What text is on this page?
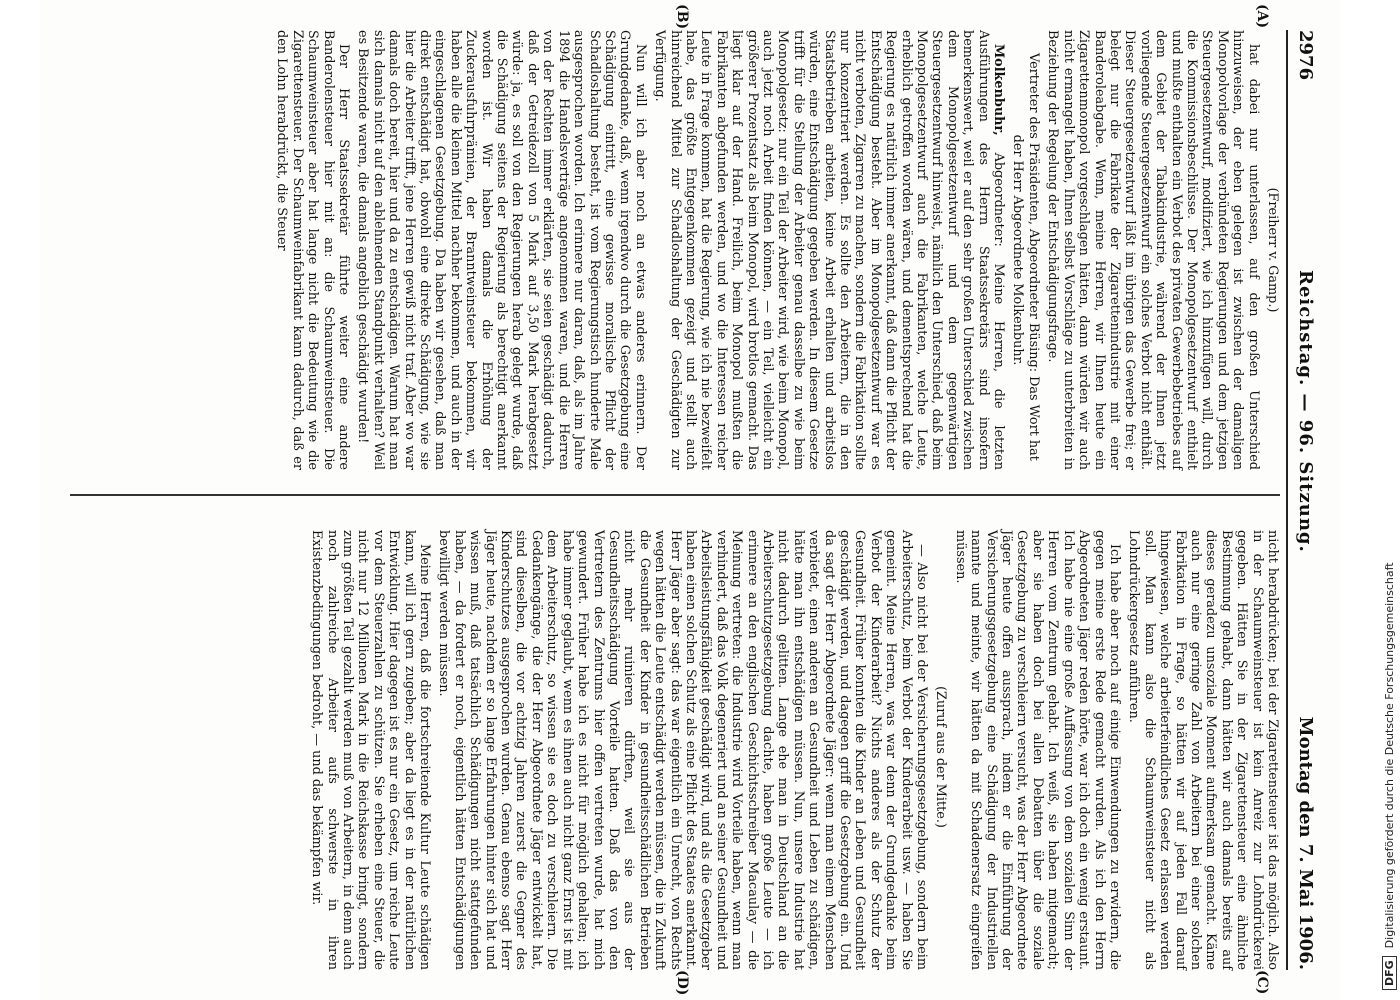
2976
Reichstag. — 96. Sitzung.
Montag den 7. Mai 1906.
(A)
(B)
(C)
(D)

(Freiherr v. Gamp.)

hat dabei nur unterlassen, auf den großen Unterschied hinzuweisen, der eben gelegen ist zwischen der damaligen Monopolvorlage der verbündeten Regierungen und dem jetzigen Steuergesetzentwurf, modifiziert, wie ich hinzufügen will, durch die Kommissionsbeschlüsse. Der Monopolgesetzentwurf enthielt und mußte enthalten ein Verbot des privaten Gewerbebetriebes auf dem Gebiet der Tabakindustrie, während der Ihnen jetzt vorliegende Steuergesetzentwurf ein solches Verbot nicht enthält. Dieser Steuergesetzentwurf läßt im übrigen das Gewerbe frei; er belegt nur die Fabrikate der Zigarettenindustrie mit einer Banderoleabgabe. Wenn, meine Herren, wir Ihnen heute ein Zigarettenmonopol vorgeschlagen hätten, dann würden wir auch nicht ermangelt haben, Ihnen selbst Vorschläge zu unterbreiten in Beziehung der Regelung der Entschädigungsfrage.

Vertreter des Präsidenten, Abgeordneter Büsing: Das Wort hat der Herr Abgeordnete Molkenbuhr.

Molkenbuhr, Abgeordneter: Meine Herren, die letzten Ausführungen des Herrn Staatssekretärs sind insofern bemerkenswert, weil er auf den sehr großen Unterschied zwischen dem Monopolgesetzentwurf und dem gegenwärtigen Steuergesetzentwurf hinweist, nämlich den Unterschied, daß beim Monopolgesetzentwurf auch die Fabrikanten, welche Leute, erheblich getroffen worden wären, und dementsprechend hat die Regierung es natürlich immer anerkannt, daß dann die Pflicht der Entschädigung besteht. Aber im Monopolgesetzentwurf war es nicht verboten, Zigarren zu machen, sondern die Fabrikation sollte nur konzentriert werden. Es sollte den Arbeitern, die in den Staatsbetrieben arbeiten, keine Arbeit erhalten und arbeitslos würden, eine Entschädigung gegeben werden. In diesem Gesetze trifft für die Stellung der Arbeiter genau dasselbe zu wie beim Monopolgesetz: nur ein Teil der Arbeiter wird, wie beim Monopol, auch jetzt noch Arbeit finden können, — ein Teil, vielleicht ein größerer Prozentsatz als beim Monopol, wird brotlos gemacht. Das liegt klar auf der Hand. Freilich, beim Monopol mußten die Fabrikanten abgefunden werden, und wo die Interessen reicher Leute in Frage kommen, hat die Regierung, wie ich nie bezweifelt habe, das größte Entgegenkommen gezeigt und stellt auch hinreichend Mittel zur Schadloshaltung der Geschädigten zur Verfügung.

Nun will ich aber noch an etwas anderes erinnern. Der Grundgedanke, daß, wenn irgendwo durch die Gesetzgebung eine Schädigung eintritt, eine gewisse moralische Pflicht der Schadloshaltung besteht, ist vom Regierungstisch hunderte Male ausgesprochen worden. Ich erinnere nur daran, daß, als im Jahre 1894 die Handelsverträge angenommen waren, und die Herren von der Rechten immer erklärten, sie seien geschädigt dadurch, daß der Getreidezoll von 5 Mark auf 3,50 Mark herabgesetzt würde: ja, es soll von den Regierungen herab gelegt wurde, daß die Schädigung seitens der Regierung als berechtigt anerkannt worden ist. Wir haben damals die Erhöhung der Zuckerausfuhrprämien, der Branntweinsteuer bekommen, wir haben alle die kleinen Mittel nachher bekommen, und auch in der eingeschlagenen Gesetzgebung. Da haben wir gesehen, daß man direkt entschädigt hat, obwohl eine direkte Schädigung, wie sie hier die Arbeiter trifft, jene Herren gewiß nicht traf. Aber wo war damals doch bereit, hier und da zu entschädigen. Warum hat man sich damals nicht auf den ablehnenden Standpunkt verhalten? Weil es Besitzende waren, die damals angeblich geschädigt wurden!

Der Herr Staatssekretär führte weiter eine andere Banderolensteuer hier mit an: die Schaumweinsteuer. Die Schaumweinsteuer aber hat lange nicht die Bedeutung wie die Zigarettensteuer. Der Schaumweinfabrikant kann dadurch, daß er den Lohn herabdrückt, die Steuer

nicht herabdrücken; bei der Zigarettensteuer ist das möglich. Also in der Schaumweinsteuer ist kein Anreiz zur Lohndrückerei gegeben. Hätten Sie in der Zigarettensteuer eine ähnliche Bestimmung gehabt, dann hätten wir auch damals bereits auf dieses geradezu unsoziale Moment aufmerksam gemacht. Käme auch nur eine geringe Zahl von Arbeitern bei einer solchen Fabrikation in Frage, so hätten wir auf jeden Fall darauf hingewiesen, welche arbeiterfeindliches Gesetz erlassen werden soll. Man kann also die Schaumweinsteuer nicht als Lohndrückergesetz anführen.

Ich habe aber noch auf einige Einwendungen zu erwidern, die gegen meine erste Rede gemacht wurden. Als ich den Herrn Abgeordneten Jäger reden hörte, war ich doch ein wenig erstaunt. Ich habe nie eine große Auffassung von dem sozialen Sinn der Herren vom Zentrum gehabt. Ich weiß, sie haben mitgemacht; aber sie haben doch bei allen Debatten über die soziale Gesetzgebung zu verschleiern versucht, was der Herr Abgeordnete Jäger heute offen aussprach, indem er die Einführung der Versicherungsgesetzgebung eine Schädigung der Industriellen nannte und meinte, wir hätten da mit Schadenersatz eingreifen müssen.

(Zuruf aus der Mitte.)

— Also nicht bei der Versicherungsgesetzgebung, sondern beim Arbeiterschutz, beim Verbot der Kinderarbeit usw. — haben Sie gemeint. Meine Herren, was war denn der Grundgedanke beim Verbot der Kinderarbeit? Nichts anderes als der Schutz der Gesundheit. Früher konnten die Kinder an Leben und Gesundheit geschädigt werden, und dagegen griff die Gesetzgebung ein. Und da sagt der Herr Abgeordnete Jäger: wenn man einem Menschen verbietet, einen anderen an Gesundheit und Leben zu schädigen, hätte man ihn entschädigen müssen. Nun, unsere Industrie hat nicht dadurch gelitten. Lange ehe man in Deutschland an die Arbeiterschutzgesetzgebung dachte, haben große Leute — ich erinnere an den englischen Geschichtsschreiber Macaulay — die Meinung vertreten: die Industrie wird Vorteile haben, wenn man verhindert, daß das Volk degeneriert und an seiner Gesundheit und Arbeitsleistungsfähigkeit geschädigt wird, und als die Gesetzgeber haben einen solchen Schutz als eine Pflicht des Staates anerkannt. Herr Jäger aber sagt: das war eigentlich ein Unrecht, von Rechts wegen hätten die Leute entschädigt werden müssen, die in Zukunft die Gesundheit der Kinder in gesundheitsschädlichen Betrieben nicht mehr ruinieren dürften, weil sie aus der Gesundheitsschädigung Vorteile hatten. Daß das von den Vertretern des Zentrums hier offen vertreten wurde, hat mich gewundert. Früher habe ich es nicht für möglich gehalten; ich habe immer geglaubt, wenn es ihnen auch nicht ganz Ernst ist mit dem Arbeiterschutz, so wissen sie es doch zu verschleiern. Die Gedankengänge, die der Herr Abgeordnete Jäger entwickelt hat, sind dieselben, die vor achtzig Jahren zuerst die Gegner des Kinderschutzes ausgesprochen wurden. Genau ebenso sagt Herr Jäger heute, nachdem er so lange Erfahrungen hinter sich hat und wissen muß, daß tatsächlich Schädigungen nicht stattgefunden haben, — da fordert er noch, eigentlich hätten Entschädigungen bewilligt werden müssen.

Meine Herren, daß die fortschreitende Kultur Leute schädigen kann, will ich gern zugeben; aber da liegt es in der natürlichen Entwicklung. Hier dagegen ist es nur ein Gesetz, um reiche Leute vor dem Steuerzahlen zu schützen. Sie erheben eine Steuer, die nicht nur 12 Millionen Mark in die Reichskasse bringt, sondern zum größten Teil gezahlt werden muß von Arbeitern, in denn auch noch zahlreiche Arbeiter aufs schwerste in ihren Existenzbedingungen bedroht, — und das bekämpfen wir.

DFGDigitalisierung gefördert durch die Deutsche Forschungsgemeinschaft
